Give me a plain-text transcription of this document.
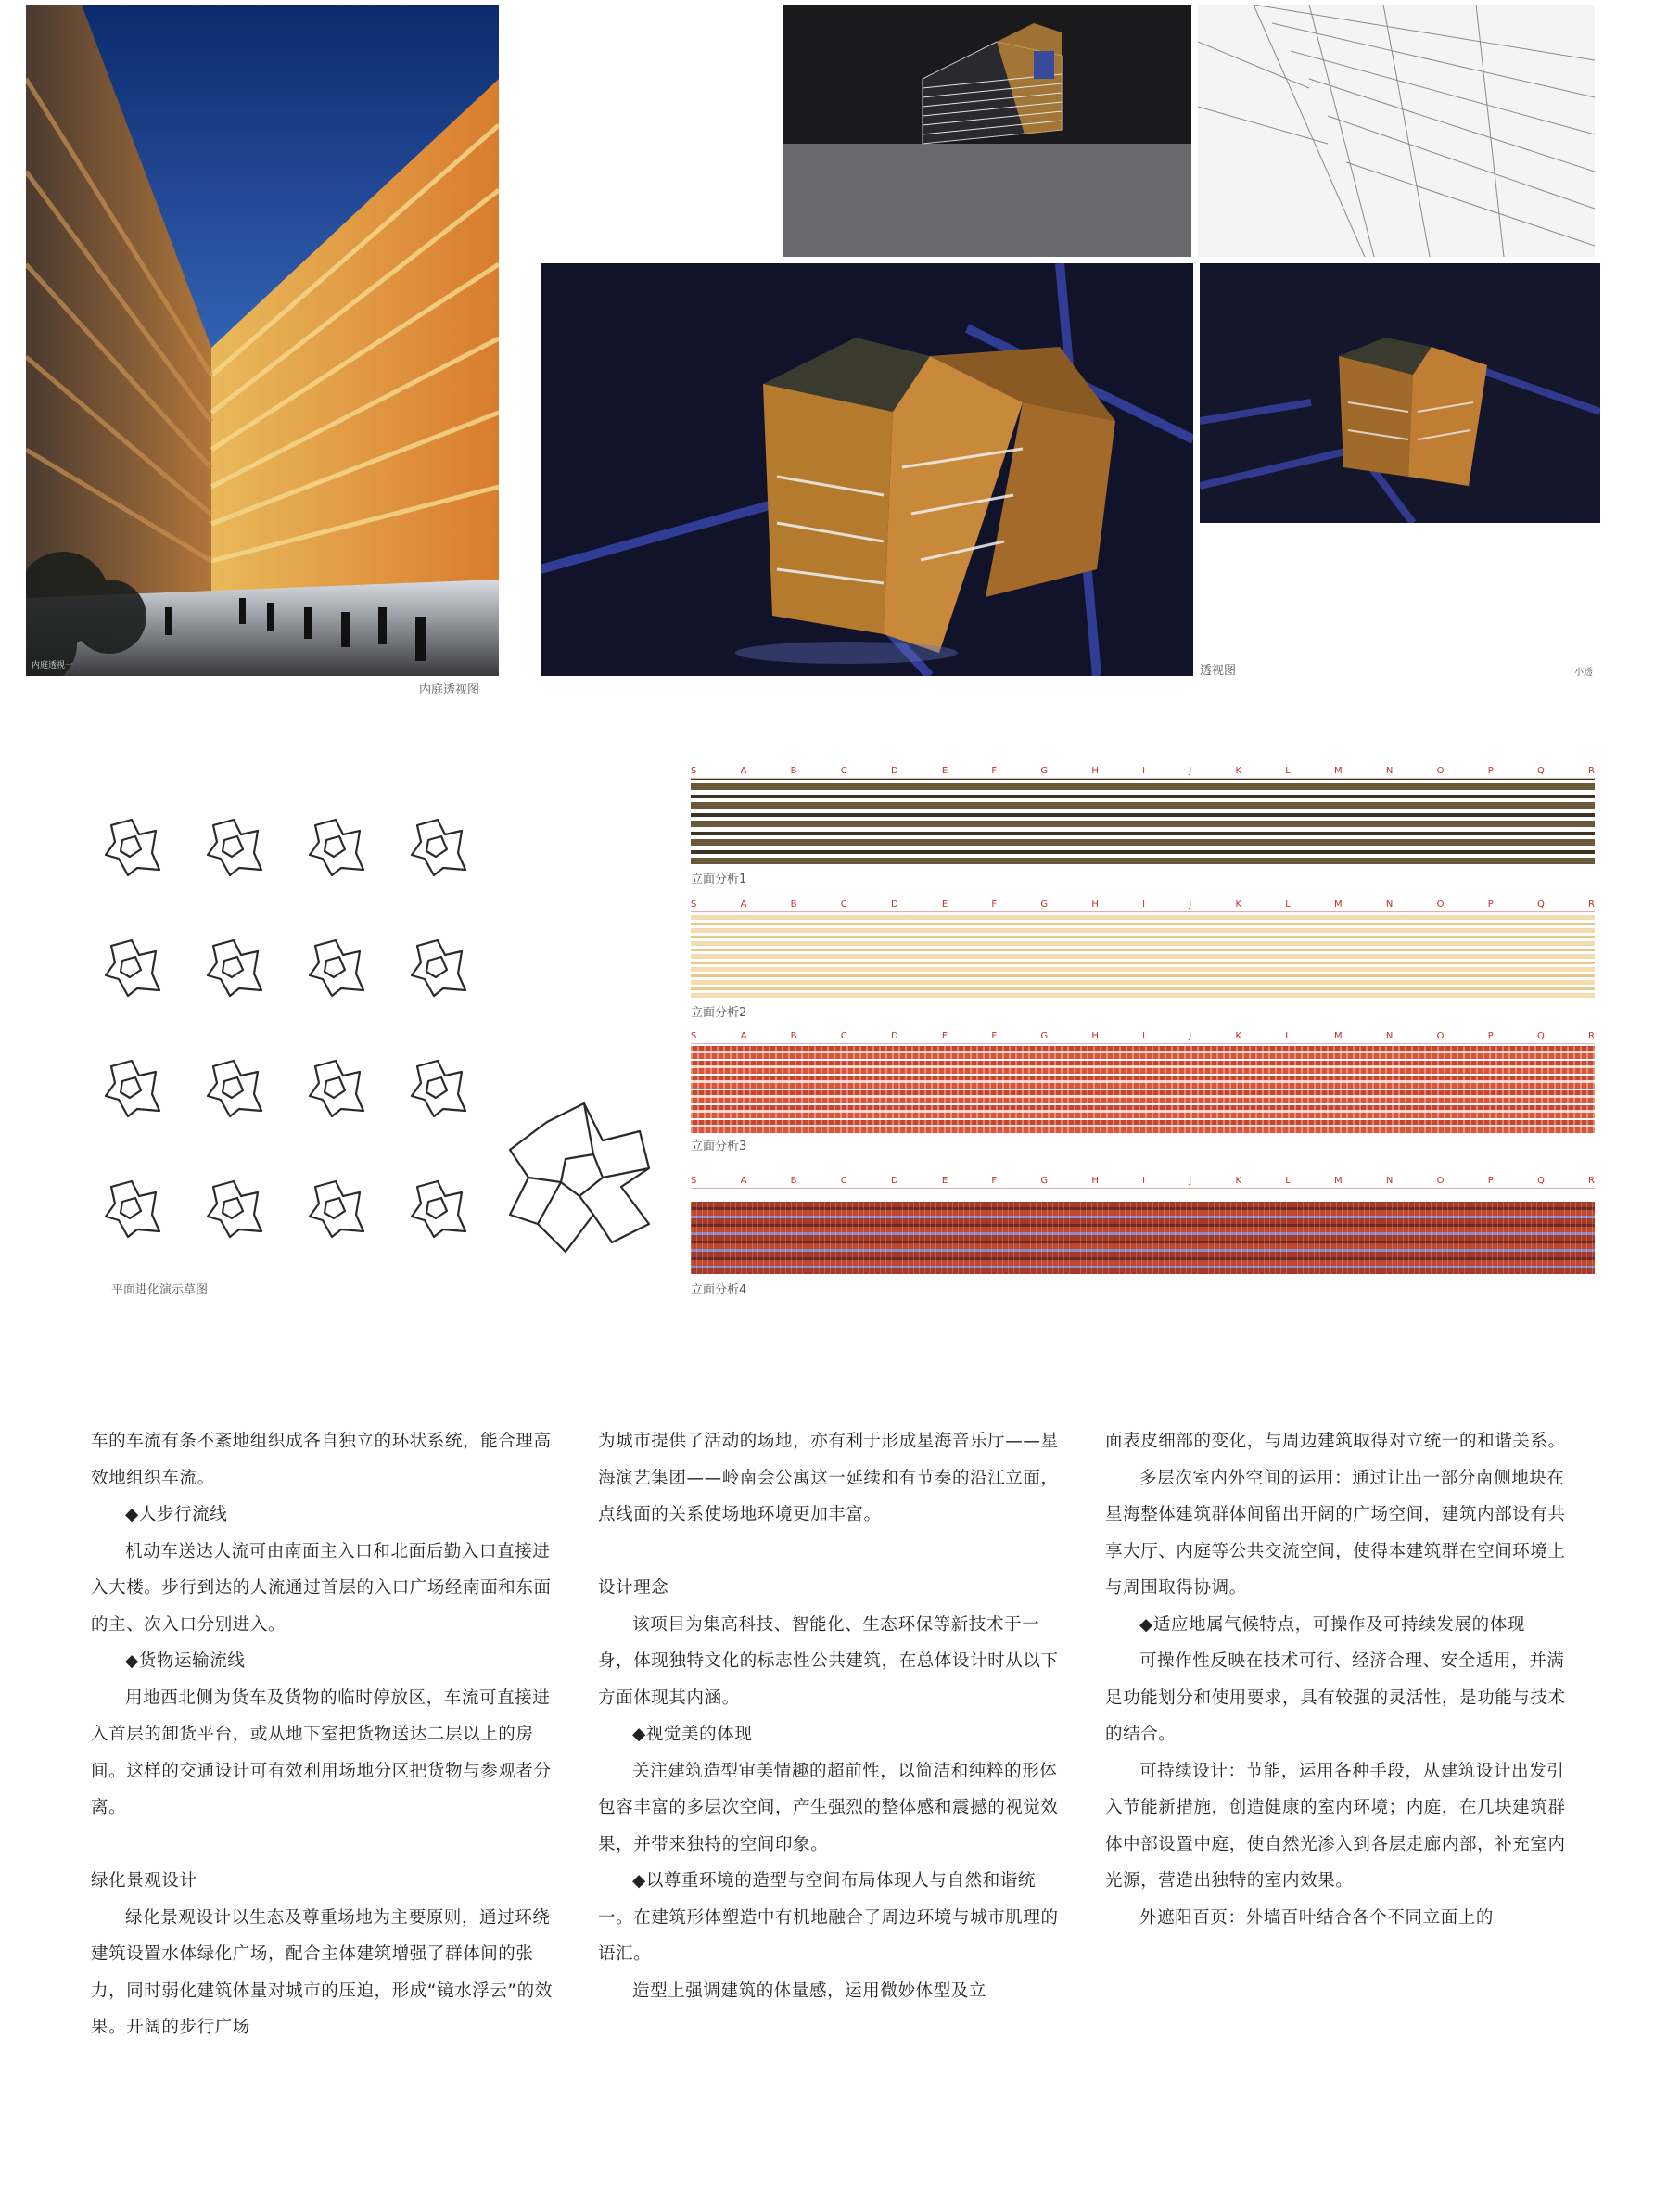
内庭透视一
内庭透视图
透视图	小透
平面进化演示草图
S	A	B	C	D	E	F	G	H	I	J	K	L	M	N	O	P	Q	R
立面分析1
S	A	B	C	D	E	F	G	H	I	J	K	L	M	N	O	P	Q	R
立面分析2
S	A	B	C	D	E	F	G	H	I	J	K	L	M	N	O	P	Q	R
立面分析3
S	A	B	C	D	E	F	G	H	I	J	K	L	M	N	O	P	Q	R
立面分析4

车的车流有条不紊地组织成各自独立的环状系统，能合理高效地组织车流。

◆人步行流线

机动车送达人流可由南面主入口和北面后勤入口直接进入大楼。步行到达的人流通过首层的入口广场经南面和东面的主、次入口分别进入。

◆货物运输流线

用地西北侧为货车及货物的临时停放区，车流可直接进入首层的卸货平台，或从地下室把货物送达二层以上的房间。这样的交通设计可有效利用场地分区把货物与参观者分离。

绿化景观设计

绿化景观设计以生态及尊重场地为主要原则，通过环绕建筑设置水体绿化广场，配合主体建筑增强了群体间的张力，同时弱化建筑体量对城市的压迫，形成“镜水浮云”的效果。开阔的步行广场

为城市提供了活动的场地，亦有利于形成星海音乐厅——星海演艺集团——岭南会公寓这一延续和有节奏的沿江立面，点线面的关系使场地环境更加丰富。

设计理念

该项目为集高科技、智能化、生态环保等新技术于一身，体现独特文化的标志性公共建筑，在总体设计时从以下方面体现其内涵。

◆视觉美的体现

关注建筑造型审美情趣的超前性，以简洁和纯粹的形体包容丰富的多层次空间，产生强烈的整体感和震撼的视觉效果，并带来独特的空间印象。

◆以尊重环境的造型与空间布局体现人与自然和谐统一。在建筑形体塑造中有机地融合了周边环境与城市肌理的语汇。

造型上强调建筑的体量感，运用微妙体型及立

面表皮细部的变化，与周边建筑取得对立统一的和谐关系。

多层次室内外空间的运用：通过让出一部分南侧地块在星海整体建筑群体间留出开阔的广场空间，建筑内部设有共享大厅、内庭等公共交流空间，使得本建筑群在空间环境上与周围取得协调。

◆适应地属气候特点，可操作及可持续发展的体现

可操作性反映在技术可行、经济合理、安全适用，并满足功能划分和使用要求，具有较强的灵活性，是功能与技术的结合。

可持续设计：节能，运用各种手段，从建筑设计出发引入节能新措施，创造健康的室内环境；内庭，在几块建筑群体中部设置中庭，使自然光渗入到各层走廊内部，补充室内光源，营造出独特的室内效果。

外遮阳百页：外墙百叶结合各个不同立面上的
